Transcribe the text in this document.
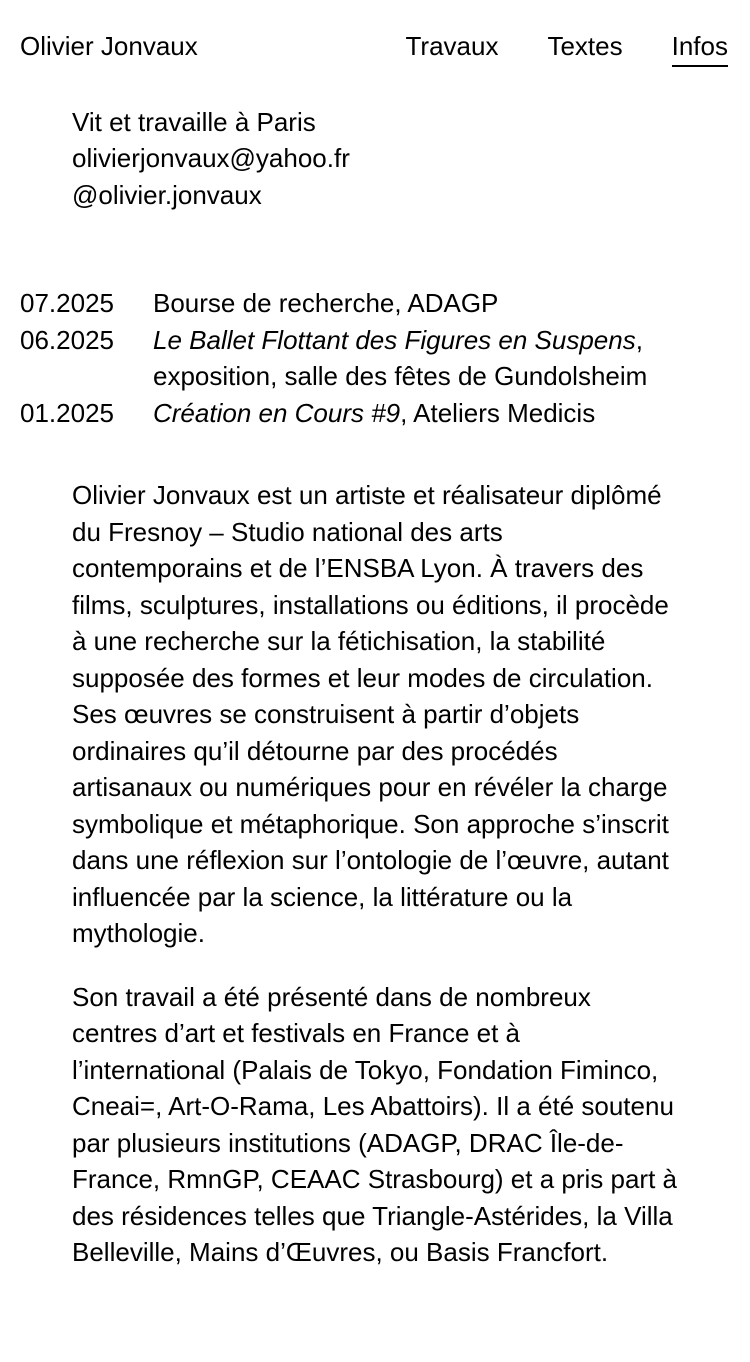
Olivier Jonvaux	Travaux Textes Infos
Vit et travaille à Paris
olivierjonvaux@yahoo.fr
@olivier.jonvaux
07.2025	Bourse de recherche, ADAGP
06.2025	Le Ballet Flottant des Figures en Suspens,
exposition, salle des fêtes de Gundolsheim
01.2025	Création en Cours #9, Ateliers Medicis

Olivier Jonvaux est un artiste et réalisateur diplômé
du Fresnoy – Studio national des arts
contemporains et de l’ENSBA Lyon. À travers des
films, sculptures, installations ou éditions, il procède
à une recherche sur la fétichisation, la stabilité
supposée des formes et leur modes de circulation.
Ses œuvres se construisent à partir d’objets
ordinaires qu’il détourne par des procédés
artisanaux ou numériques pour en révéler la charge
symbolique et métaphorique. Son approche s’inscrit
dans une réflexion sur l’ontologie de l’œuvre, autant
influencée par la science, la littérature ou la
mythologie.

Son travail a été présenté dans de nombreux
centres d’art et festivals en France et à
l’international (Palais de Tokyo, Fondation Fiminco,
Cneai=, Art-O-Rama, Les Abattoirs). Il a été soutenu
par plusieurs institutions (ADAGP, DRAC Île-de-
France, RmnGP, CEAAC Strasbourg) et a pris part à
des résidences telles que Triangle-Astérides, la Villa
Belleville, Mains d’Œuvres, ou Basis Francfort.
